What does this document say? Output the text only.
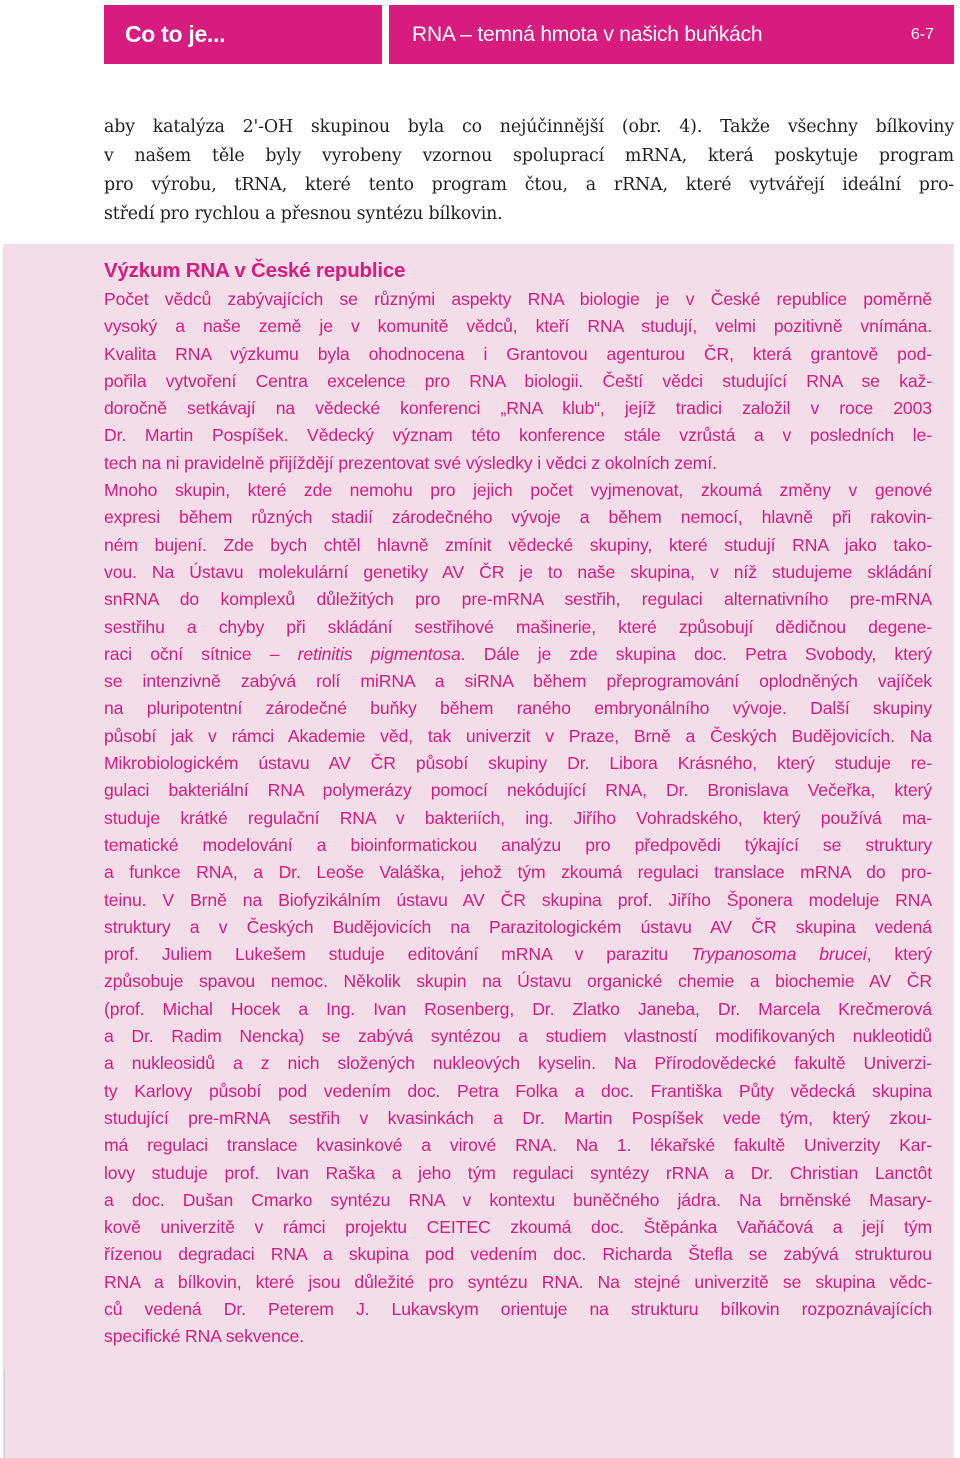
Co to je...	RNA – temná hmota v našich buňkách	6-7
aby katalýza 2'-OH skupinou byla co nejúčinnější (obr. 4). Takže všechny bílkoviny
v našem těle byly vyrobeny vzornou spoluprací mRNA, která poskytuje program
pro výrobu, tRNA, které tento program čtou, a rRNA, které vytvářejí ideální pro-
středí pro rychlou a přesnou syntézu bílkovin.
Výzkum RNA v České republice
Počet vědců zabývajících se různými aspekty RNA biologie je v České republice poměrně
vysoký a naše země je v komunitě vědců, kteří RNA studují, velmi pozitivně vnímána.
Kvalita RNA výzkumu byla ohodnocena i Grantovou agenturou ČR, která grantově pod-
pořila vytvoření Centra excelence pro RNA biologii. Čeští vědci studující RNA se kaž-
doročně setkávají na vědecké konferenci „RNA klub“, jejíž tradici založil v roce 2003
Dr. Martin Pospíšek. Vědecký význam této konference stále vzrůstá a v posledních le-
tech na ni pravidelně přijíždějí prezentovat své výsledky i vědci z okolních zemí.
Mnoho skupin, které zde nemohu pro jejich počet vyjmenovat, zkoumá změny v genové
expresi během různých stadií zárodečného vývoje a během nemocí, hlavně při rakovin-
ném bujení. Zde bych chtěl hlavně zmínit vědecké skupiny, které studují RNA jako tako-
vou. Na Ústavu molekulární genetiky AV ČR je to naše skupina, v níž studujeme skládání
snRNA do komplexů důležitých pro pre-mRNA sestřih, regulaci alternativního pre-mRNA
sestřihu a chyby při skládání sestřihové mašinerie, které způsobují dědičnou degene-
raci oční sítnice – retinitis pigmentosa. Dále je zde skupina doc. Petra Svobody, který
se intenzivně zabývá rolí miRNA a siRNA během přeprogramování oplodněných vajíček
na pluripotentní zárodečné buňky během raného embryonálního vývoje. Další skupiny
působí jak v rámci Akademie věd, tak univerzit v Praze, Brně a Českých Budějovicích. Na
Mikrobiologickém ústavu AV ČR působí skupiny Dr. Libora Krásného, který studuje re-
gulaci bakteriální RNA polymerázy pomocí nekódující RNA, Dr. Bronislava Večeřka, který
studuje krátké regulační RNA v bakteriích, ing. Jiřího Vohradského, který používá ma-
tematické modelování a bioinformatickou analýzu pro předpovědi týkající se struktury
a funkce RNA, a Dr. Leoše Valáška, jehož tým zkoumá regulaci translace mRNA do pro-
teinu. V Brně na Biofyzikálním ústavu AV ČR skupina prof. Jiřího Šponera modeluje RNA
struktury a v Českých Budějovicích na Parazitologickém ústavu AV ČR skupina vedená
prof. Juliem Lukešem studuje editování mRNA v parazitu Trypanosoma brucei, který
způsobuje spavou nemoc. Několik skupin na Ústavu organické chemie a biochemie AV ČR
(prof. Michal Hocek a Ing. Ivan Rosenberg, Dr. Zlatko Janeba, Dr. Marcela Krečmerová
a Dr. Radim Nencka) se zabývá syntézou a studiem vlastností modifikovaných nukleotidů
a nukleosidů a z nich složených nukleových kyselin. Na Přírodovědecké fakultě Univerzi-
ty Karlovy působí pod vedením doc. Petra Folka a doc. Františka Půty vědecká skupina
studující pre-mRNA sestřih v kvasinkách a Dr. Martin Pospíšek vede tým, který zkou-
má regulaci translace kvasinkové a virové RNA. Na 1. lékařské fakultě Univerzity Kar-
lovy studuje prof. Ivan Raška a jeho tým regulaci syntézy rRNA a Dr. Christian Lanctôt
a doc. Dušan Cmarko syntézu RNA v kontextu buněčného jádra. Na brněnské Masary-
kově univerzitě v rámci projektu CEITEC zkoumá doc. Štěpánka Vaňáčová a její tým
řízenou degradaci RNA a skupina pod vedením doc. Richarda Štefla se zabývá strukturou
RNA a bílkovin, které jsou důležité pro syntézu RNA. Na stejné univerzitě se skupina vědc-
ců vedená Dr. Peterem J. Lukavskym orientuje na strukturu bílkovin rozpoznávajících
specifické RNA sekvence.
